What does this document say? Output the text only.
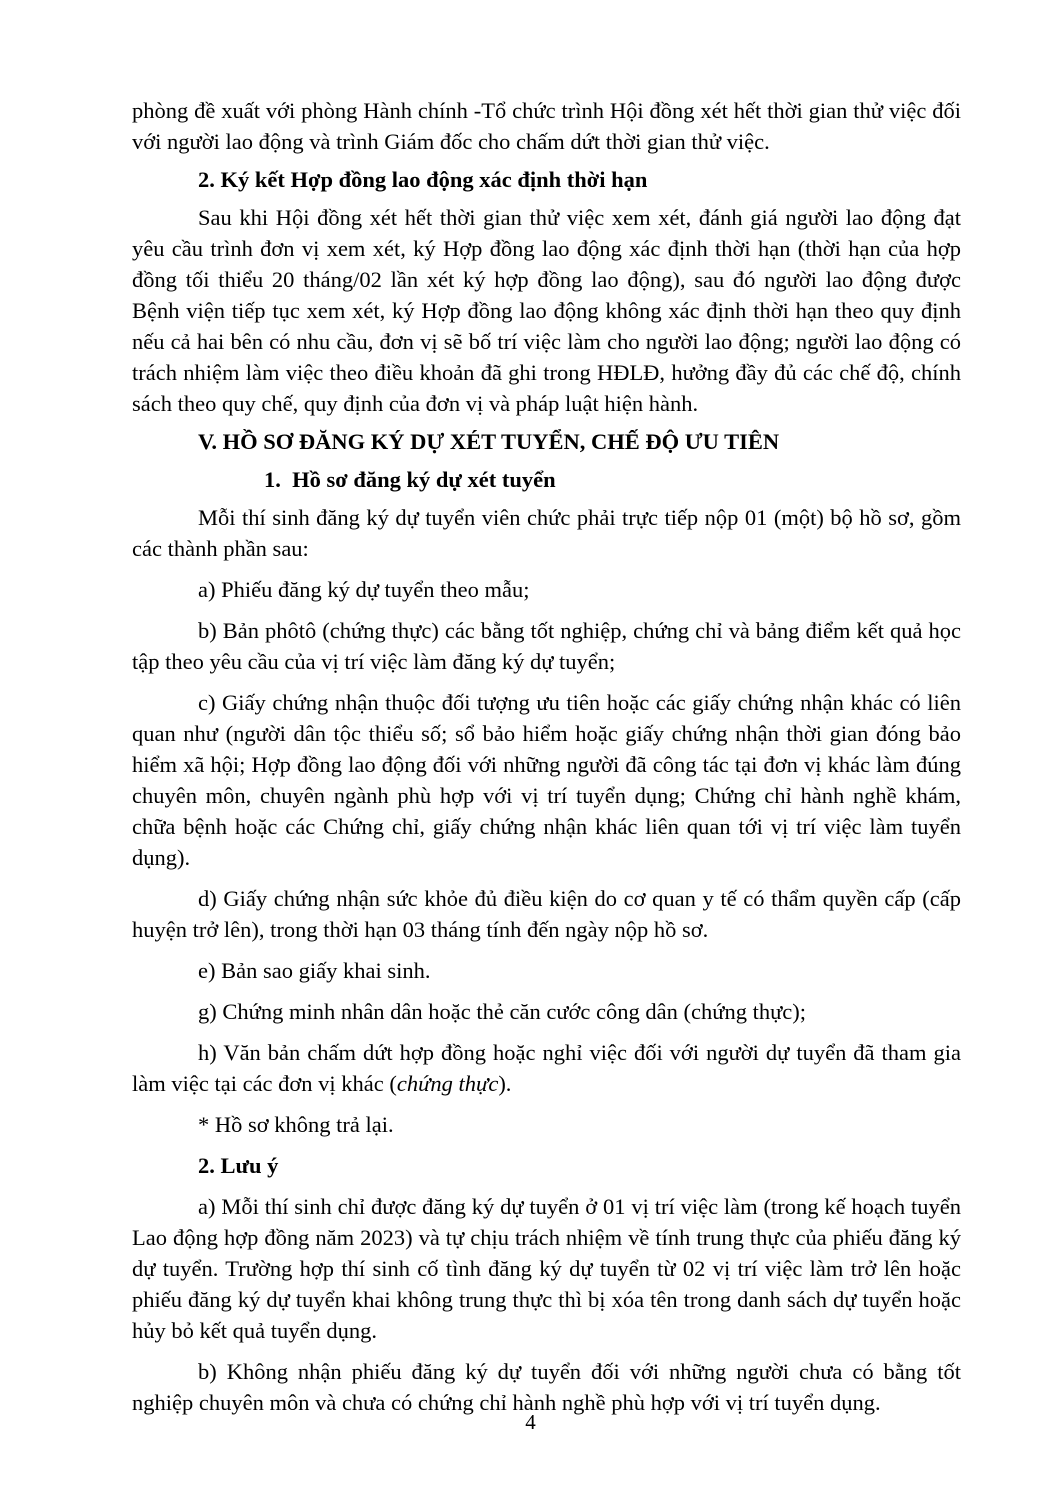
phòng đề xuất với phòng Hành chính -Tổ chức trình Hội đồng xét hết thời gian thử việc đối với người lao động và trình Giám đốc cho chấm dứt thời gian thử việc.

2. Ký kết Hợp đồng lao động xác định thời hạn

Sau khi Hội đồng xét hết thời gian thử việc xem xét, đánh giá người lao động đạt yêu cầu trình đơn vị xem xét, ký Hợp đồng lao động xác định thời hạn (thời hạn của hợp đồng tối thiểu 20 tháng/02 lần xét ký hợp đồng lao động), sau đó người lao động được Bệnh viện tiếp tục xem xét, ký Hợp đồng lao động không xác định thời hạn theo quy định nếu cả hai bên có nhu cầu, đơn vị sẽ bố trí việc làm cho người lao động; người lao động có trách nhiệm làm việc theo điều khoản đã ghi trong HĐLĐ, hưởng đầy đủ các chế độ, chính sách theo quy chế, quy định của đơn vị và pháp luật hiện hành.

V. HỒ SƠ ĐĂNG KÝ DỰ XÉT TUYỂN, CHẾ ĐỘ ƯU TIÊN

1. Hồ sơ đăng ký dự xét tuyển

Mỗi thí sinh đăng ký dự tuyển viên chức phải trực tiếp nộp 01 (một) bộ hồ sơ, gồm các thành phần sau:

a) Phiếu đăng ký dự tuyển theo mẫu;

b) Bản phôtô (chứng thực) các bằng tốt nghiệp, chứng chỉ và bảng điểm kết quả học tập theo yêu cầu của vị trí việc làm đăng ký dự tuyển;

c) Giấy chứng nhận thuộc đối tượng ưu tiên hoặc các giấy chứng nhận khác có liên quan như (người dân tộc thiểu số; sổ bảo hiểm hoặc giấy chứng nhận thời gian đóng bảo hiểm xã hội; Hợp đồng lao động đối với những người đã công tác tại đơn vị khác làm đúng chuyên môn, chuyên ngành phù hợp với vị trí tuyển dụng; Chứng chỉ hành nghề khám, chữa bệnh hoặc các Chứng chỉ, giấy chứng nhận khác liên quan tới vị trí việc làm tuyển dụng).

d) Giấy chứng nhận sức khỏe đủ điều kiện do cơ quan y tế có thẩm quyền cấp (cấp huyện trở lên), trong thời hạn 03 tháng tính đến ngày nộp hồ sơ.

e) Bản sao giấy khai sinh.

g) Chứng minh nhân dân hoặc thẻ căn cước công dân (chứng thực);

h) Văn bản chấm dứt hợp đồng hoặc nghỉ việc đối với người dự tuyển đã tham gia làm việc tại các đơn vị khác (chứng thực).

* Hồ sơ không trả lại.

2. Lưu ý

a) Mỗi thí sinh chỉ được đăng ký dự tuyển ở 01 vị trí việc làm (trong kế hoạch tuyển Lao động hợp đồng năm 2023) và tự chịu trách nhiệm về tính trung thực của phiếu đăng ký dự tuyển. Trường hợp thí sinh cố tình đăng ký dự tuyển từ 02 vị trí việc làm trở lên hoặc phiếu đăng ký dự tuyển khai không trung thực thì bị xóa tên trong danh sách dự tuyển hoặc hủy bỏ kết quả tuyển dụng.

b) Không nhận phiếu đăng ký dự tuyển đối với những người chưa có bằng tốt nghiệp chuyên môn và chưa có chứng chỉ hành nghề phù hợp với vị trí tuyển dụng.

4
